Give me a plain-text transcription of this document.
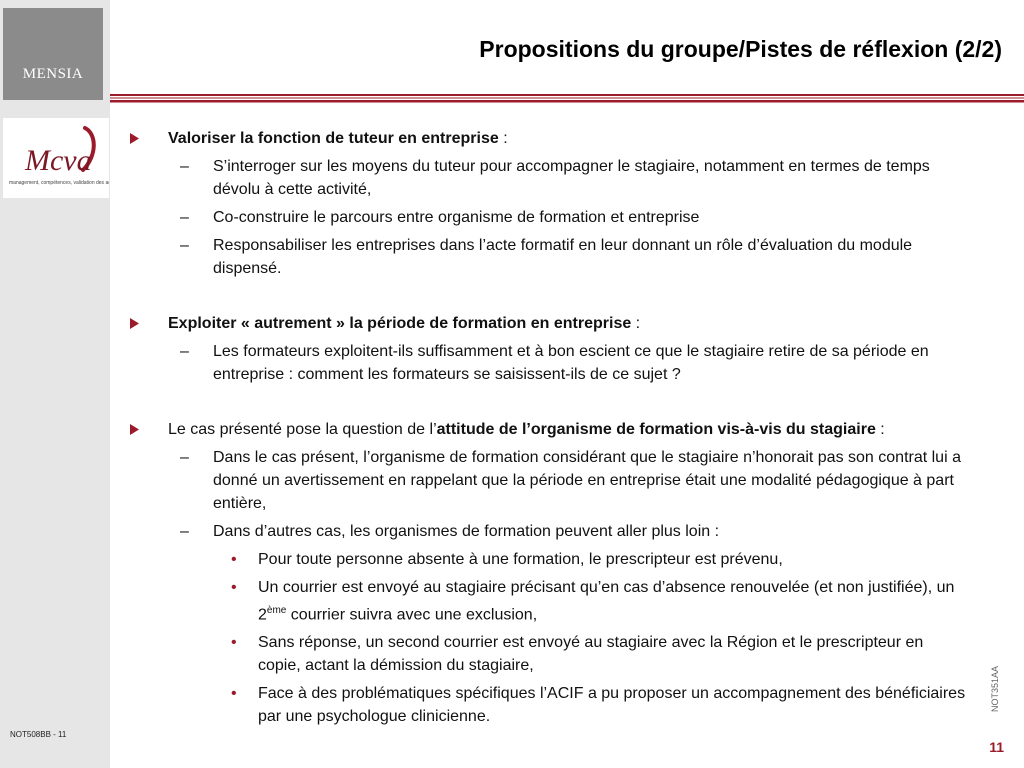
MENSIA
Mcva
management, compétences, validation des acquis
NOT508BB - 11
Propositions du groupe/Pistes de réflexion (2/2)

Valoriser la fonction de tuteur en entreprise :

– S’interroger sur les moyens du tuteur pour accompagner le stagiaire, notamment en termes de temps dévolu à cette activité,

– Co-construire le parcours entre organisme de formation et entreprise

– Responsabiliser les entreprises dans l’acte formatif en leur donnant un rôle d’évaluation du module dispensé.

Exploiter « autrement » la période de formation en entreprise :

– Les formateurs exploitent-ils suffisamment et à bon escient ce que le stagiaire retire de sa période en entreprise : comment les formateurs se saisissent-ils de ce sujet ?

Le cas présenté pose la question de l’attitude de l’organisme de formation vis-à-vis du stagiaire :

– Dans le cas présent, l’organisme de formation considérant que le stagiaire n’honorait pas son contrat lui a donné un avertissement en rappelant que la période en entreprise était une modalité pédagogique à part entière,

– Dans d’autres cas, les organismes de formation peuvent aller plus loin :

• Pour toute personne absente à une formation, le prescripteur est prévenu,

• Un courrier est envoyé au stagiaire précisant qu’en cas d’absence renouvelée (et non justifiée), un 2ème courrier suivra avec une exclusion,

• Sans réponse, un second courrier est envoyé au stagiaire avec la Région et le prescripteur en copie, actant la démission du stagiaire,

• Face à des problématiques spécifiques l’ACIF a pu proposer un accompagnement des bénéficiaires par une psychologue clinicienne.

NOT351AA
11
